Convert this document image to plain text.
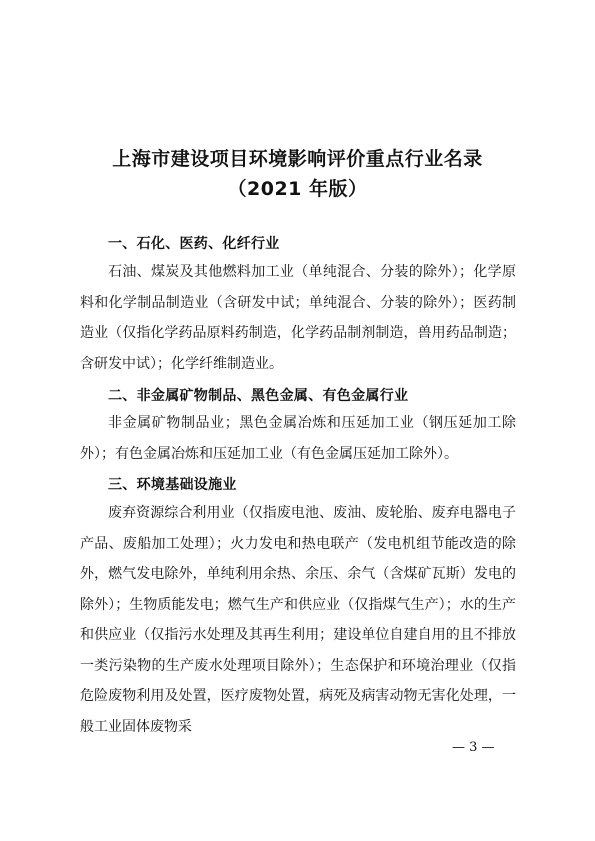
上海市建设项目环境影响评价重点行业名录
（2021 年版）
一、石化、医药、化纤行业
石油、煤炭及其他燃料加工业（单纯混合、分装的除外）；化学原料和化学制品制造业（含研发中试；单纯混合、分装的除外）；医药制造业（仅指化学药品原料药制造，化学药品制剂制造，兽用药品制造；含研发中试）；化学纤维制造业。
二、非金属矿物制品、黑色金属、有色金属行业
非金属矿物制品业；黑色金属冶炼和压延加工业（钢压延加工除外）；有色金属冶炼和压延加工业（有色金属压延加工除外）。
三、环境基础设施业
废弃资源综合利用业（仅指废电池、废油、废轮胎、废弃电器电子产品、废船加工处理）；火力发电和热电联产（发电机组节能改造的除外，燃气发电除外，单纯利用余热、余压、余气（含煤矿瓦斯）发电的除外）；生物质能发电；燃气生产和供应业（仅指煤气生产）；水的生产和供应业（仅指污水处理及其再生利用；建设单位自建自用的且不排放一类污染物的生产废水处理项目除外）；生态保护和环境治理业（仅指危险废物利用及处置，医疗废物处置，病死及病害动物无害化处理，一般工业固体废物采
— 3 —
